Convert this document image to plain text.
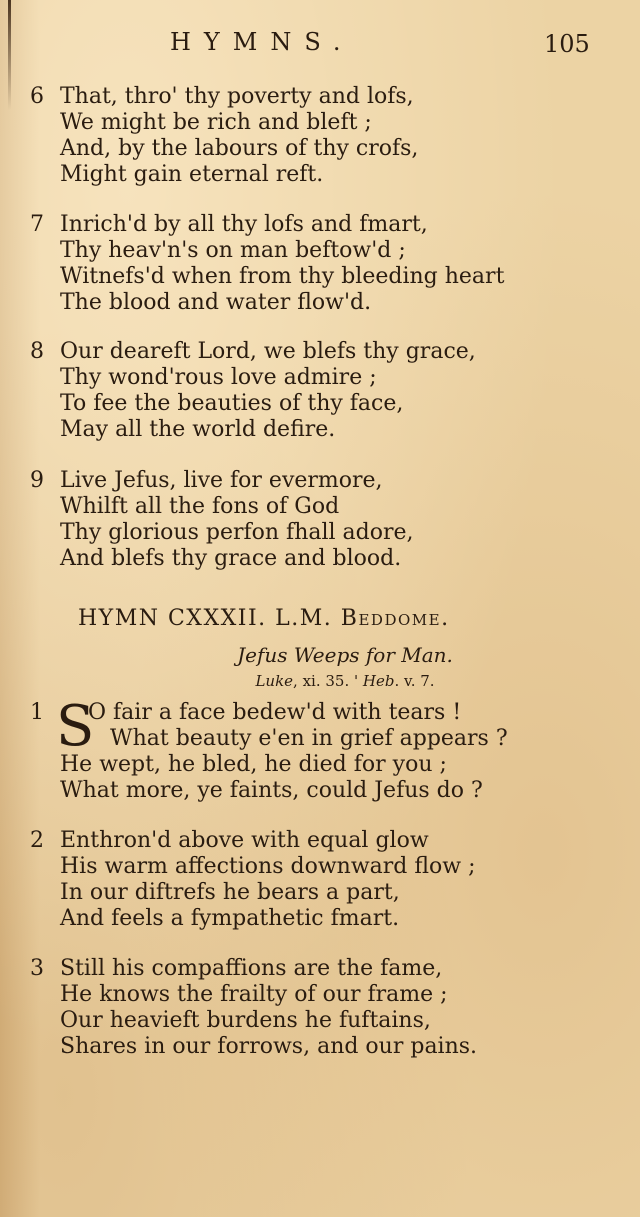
HYMNS.	105
6 That, thro' thy poverty and lofs,
We might be rich and bleft ;
And, by the labours of thy crofs,
Might gain eternal reft.
7 Inrich'd by all thy lofs and fmart,
Thy heav'n's on man beftow'd ;
Witnefs'd when from thy bleeding heart
The blood and water flow'd.
8 Our deareft Lord, we blefs thy grace,
Thy wond'rous love admire ;
To fee the beauties of thy face,
May all the world defire.
9 Live Jefus, live for evermore,
Whilft all the fons of God
Thy glorious perfon fhall adore,
And blefs thy grace and blood.
HYMN CXXXII. L.M. Beddome.
Jefus Weeps for Man.
Luke, xi. 35. ' Heb. v. 7.
1 S
O fair a face bedew'd with tears !
What beauty e'en in grief appears ?
He wept, he bled, he died for you ;
What more, ye faints, could Jefus do ?
2 Enthron'd above with equal glow
His warm affections downward flow ;
In our diftrefs he bears a part,
And feels a fympathetic fmart.
3 Still his compaffions are the fame,
He knows the frailty of our frame ;
Our heavieft burdens he fuftains,
Shares in our forrows, and our pains.
